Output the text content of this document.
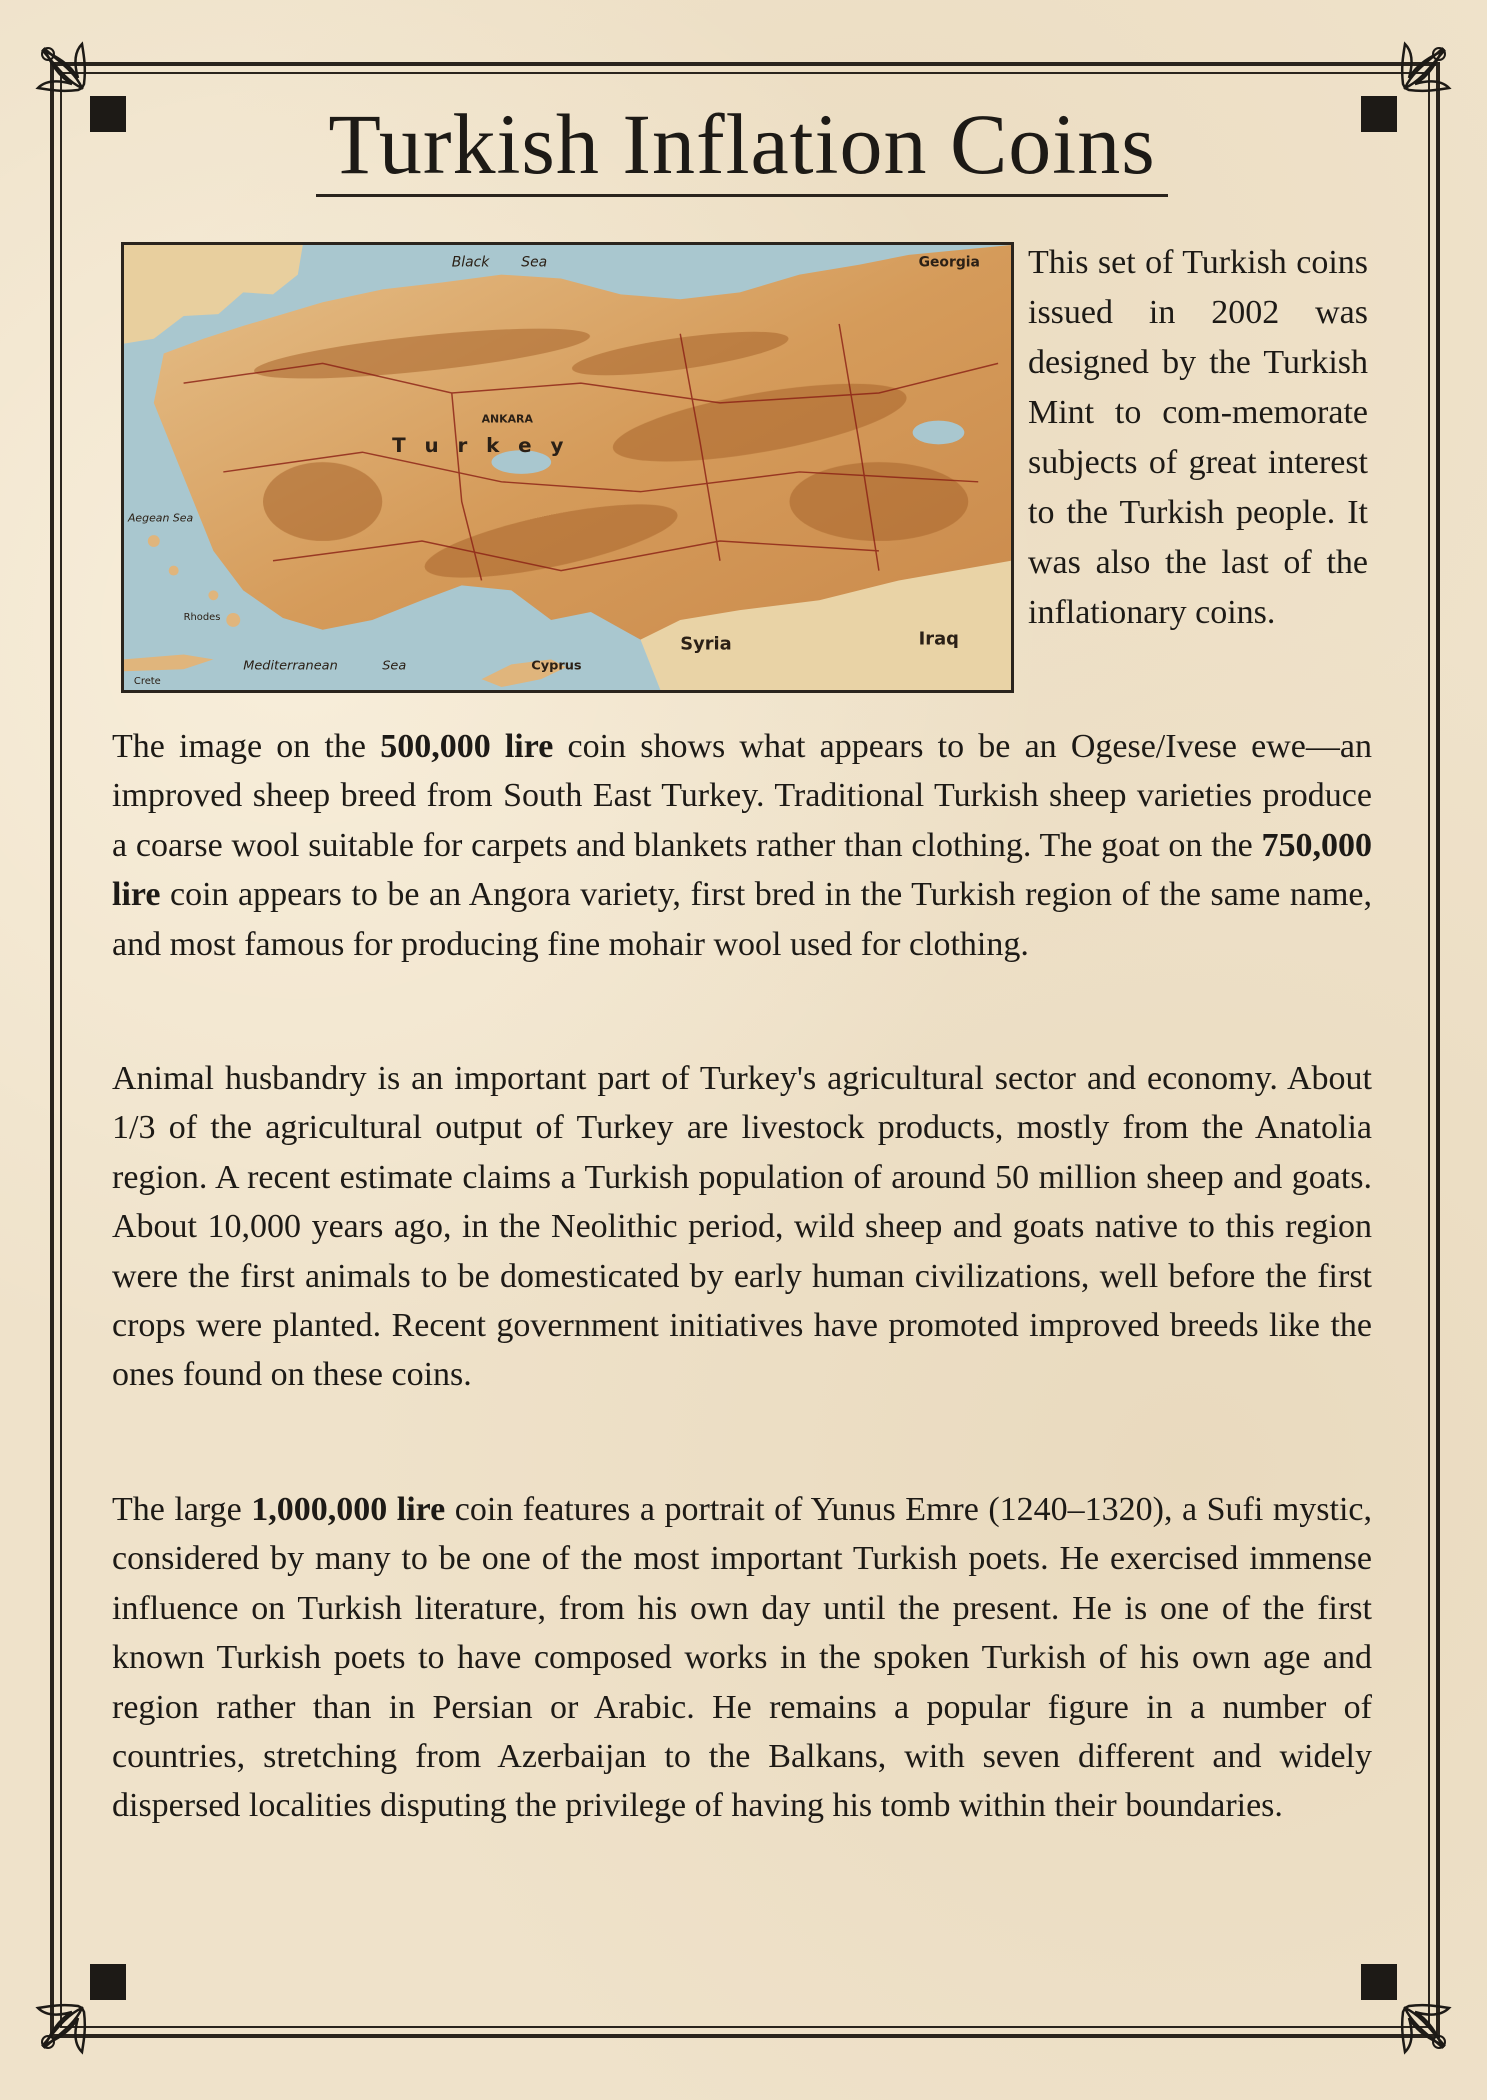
Turkish Inflation Coins
Black Sea	Georgia
T u r k e y
ANKARA
Syria	Iraq
Cyprus
Mediterranean	Sea
Aegean Sea
Crete
Rhodes

This set of Turkish coins issued in 2002 was designed by the Turkish Mint to com-memorate subjects of great interest to the Turkish people. It was also the last of the inflationary coins.

The image on the 500,000 lire coin shows what appears to be an Ogese/Ivese ewe—an improved sheep breed from South East Turkey. Traditional Turkish sheep varieties produce a coarse wool suitable for carpets and blankets rather than clothing. The goat on the 750,000 lire coin appears to be an Angora variety, first bred in the Turkish region of the same name, and most famous for producing fine mohair wool used for clothing.

Animal husbandry is an important part of Turkey's agricultural sector and economy. About 1/3 of the agricultural output of Turkey are livestock products, mostly from the Anatolia region. A recent estimate claims a Turkish population of around 50 million sheep and goats. About 10,000 years ago, in the Neolithic period, wild sheep and goats native to this region were the first animals to be domesticated by early human civilizations, well before the first crops were planted. Recent government initiatives have promoted improved breeds like the ones found on these coins.

The large 1,000,000 lire coin features a portrait of Yunus Emre (1240–1320), a Sufi mystic, considered by many to be one of the most important Turkish poets. He exercised immense influence on Turkish literature, from his own day until the present. He is one of the first known Turkish poets to have composed works in the spoken Turkish of his own age and region rather than in Persian or Arabic. He remains a popular figure in a number of countries, stretching from Azerbaijan to the Balkans, with seven different and widely dispersed localities disputing the privilege of having his tomb within their boundaries.
